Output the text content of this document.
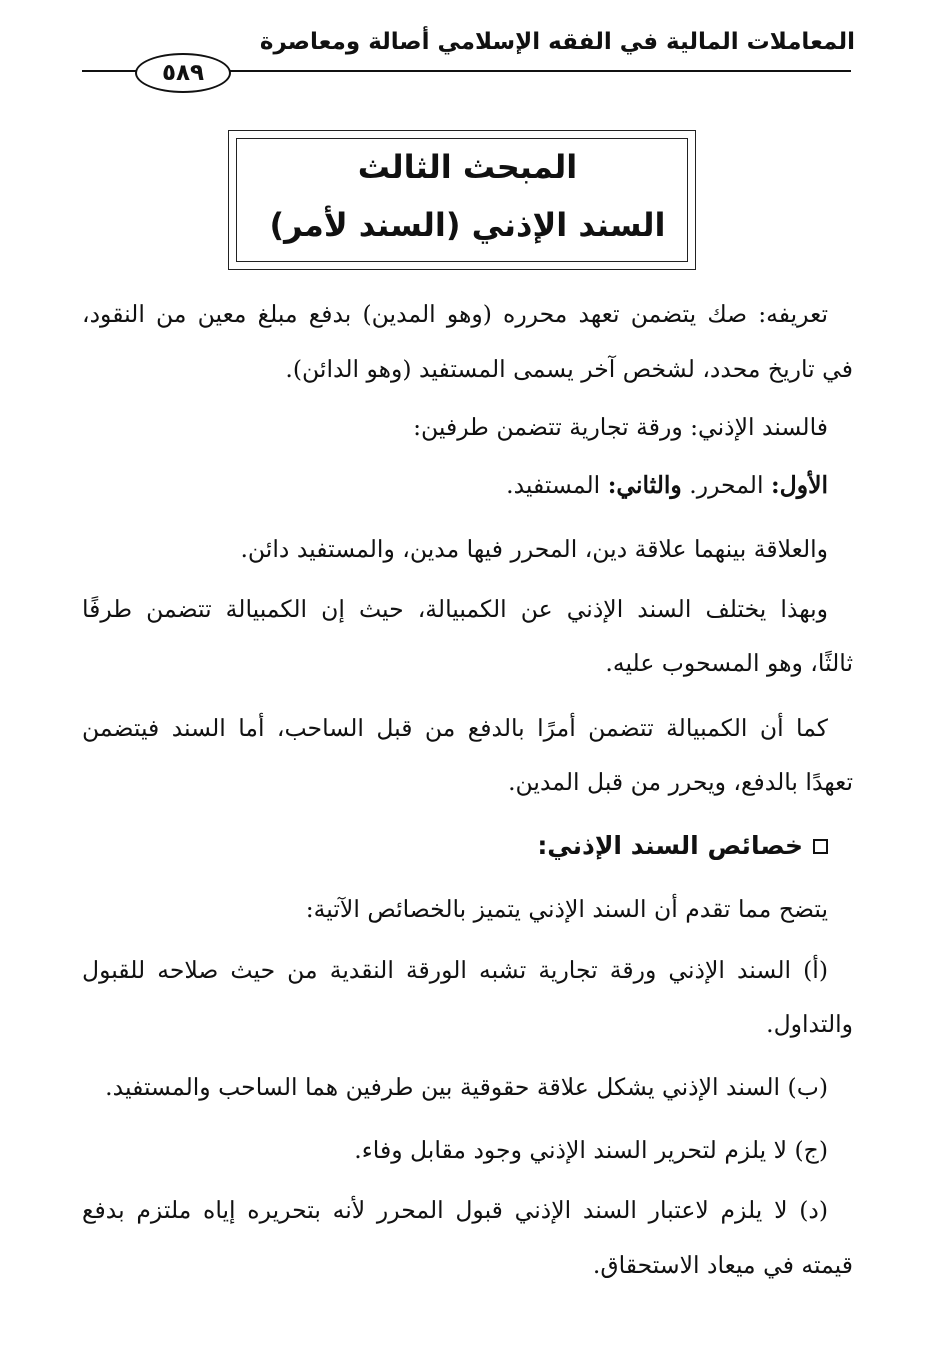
المعاملات المالية في الفقه الإسلامي أصالة ومعاصرة
٥٨٩
المبحث الثالث
السند الإذني (السند لأمر)
تعريفه: صك يتضمن تعهد محرره (وهو المدين) بدفع مبلغ معين من النقود،
في تاريخ محدد، لشخص آخر يسمى المستفيد (وهو الدائن).
فالسند الإذني: ورقة تجارية تتضمن طرفين:
الأول: المحرر. والثاني: المستفيد.
والعلاقة بينهما علاقة دين، المحرر فيها مدين، والمستفيد دائن.
وبهذا يختلف السند الإذني عن الكمبيالة، حيث إن الكمبيالة تتضمن طرفًا
ثالثًا، وهو المسحوب عليه.
كما أن الكمبيالة تتضمن أمرًا بالدفع من قبل الساحب، أما السند فيتضمن
تعهدًا بالدفع، ويحرر من قبل المدين.
خصائص السند الإذني:
يتضح مما تقدم أن السند الإذني يتميز بالخصائص الآتية:
(أ) السند الإذني ورقة تجارية تشبه الورقة النقدية من حيث صلاحه للقبول
والتداول.
(ب) السند الإذني يشكل علاقة حقوقية بين طرفين هما الساحب والمستفيد.
(ج) لا يلزم لتحرير السند الإذني وجود مقابل وفاء.
(د) لا يلزم لاعتبار السند الإذني قبول المحرر لأنه بتحريره إياه ملتزم بدفع
قيمته في ميعاد الاستحقاق.
